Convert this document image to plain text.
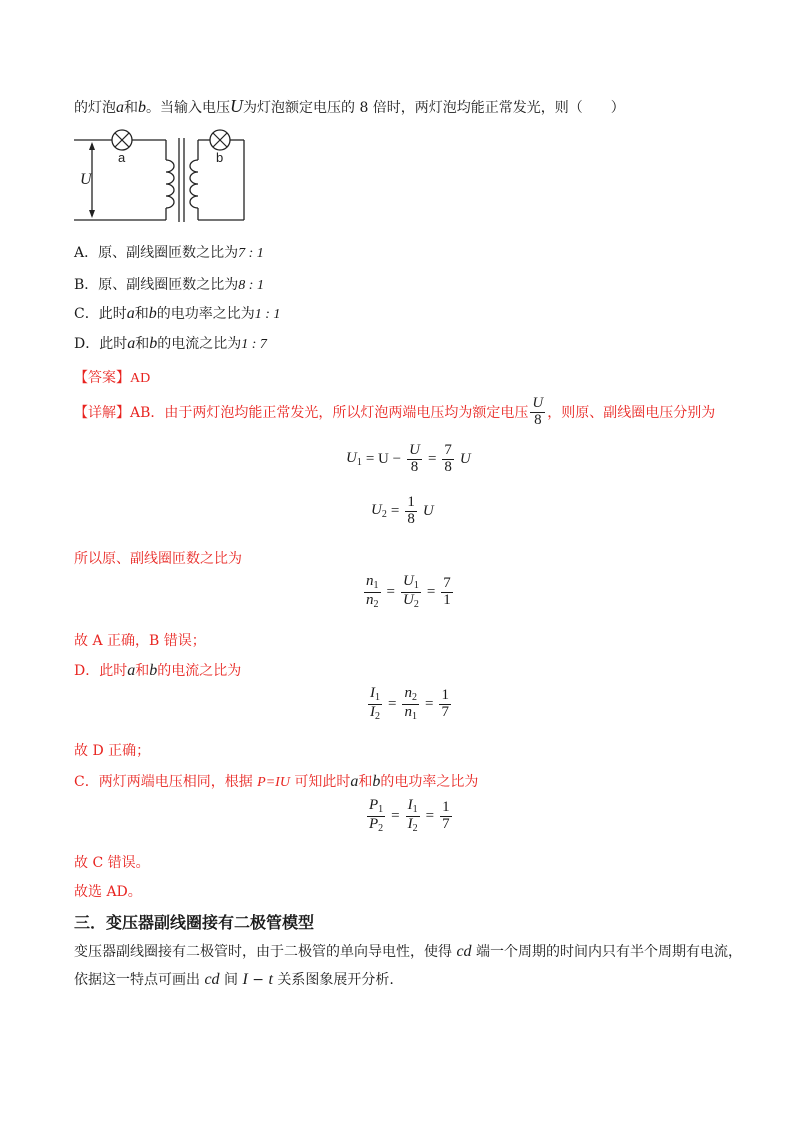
的灯泡a和b。当输入电压U为灯泡额定电压的 8 倍时，两灯泡均能正常发光，则（　　）
a	b
U
A．原、副线圈匝数之比为7 : 1
B．原、副线圈匝数之比为8 : 1
C．此时a和b的电功率之比为1 : 1
D．此时a和b的电流之比为1 : 7
【答案】AD
【详解】 AB．由于两灯泡均能正常发光，所以灯泡两端电压均为额定电压 $\frac{U}{8}$ ，则原、副线圈电压分别为
$U_1 = U - \frac{U}{8} = \frac{7}{8}$ U
$U_2 = \frac{1}{8}$ U
所以原、副线圈匝数之比为
$\frac{n_1}{n_2} = \frac{U_1}{U_2} = \frac{7}{1}$
故 A 正确，B 错误；
D．此时a和b的电流之比为
$\frac{I_1}{I_2} = \frac{n_2}{n_1} = \frac{1}{7}$
故 D 正确；
C．两灯两端电压相同，根据 P=IU 可知此时a和b的电功率之比为
$\frac{P_1}{P_2} = \frac{I_1}{I_2} = \frac{1}{7}$
故 C 错误。
故选 AD。
三．变压器副线圈接有二极管模型
变压器副线圈接有二极管时，由于二极管的单向导电性，使得 cd 端一个周期的时间内只有半个周期有电流，
依据这一特点可画出 cd 间 I − t 关系图象展开分析.
